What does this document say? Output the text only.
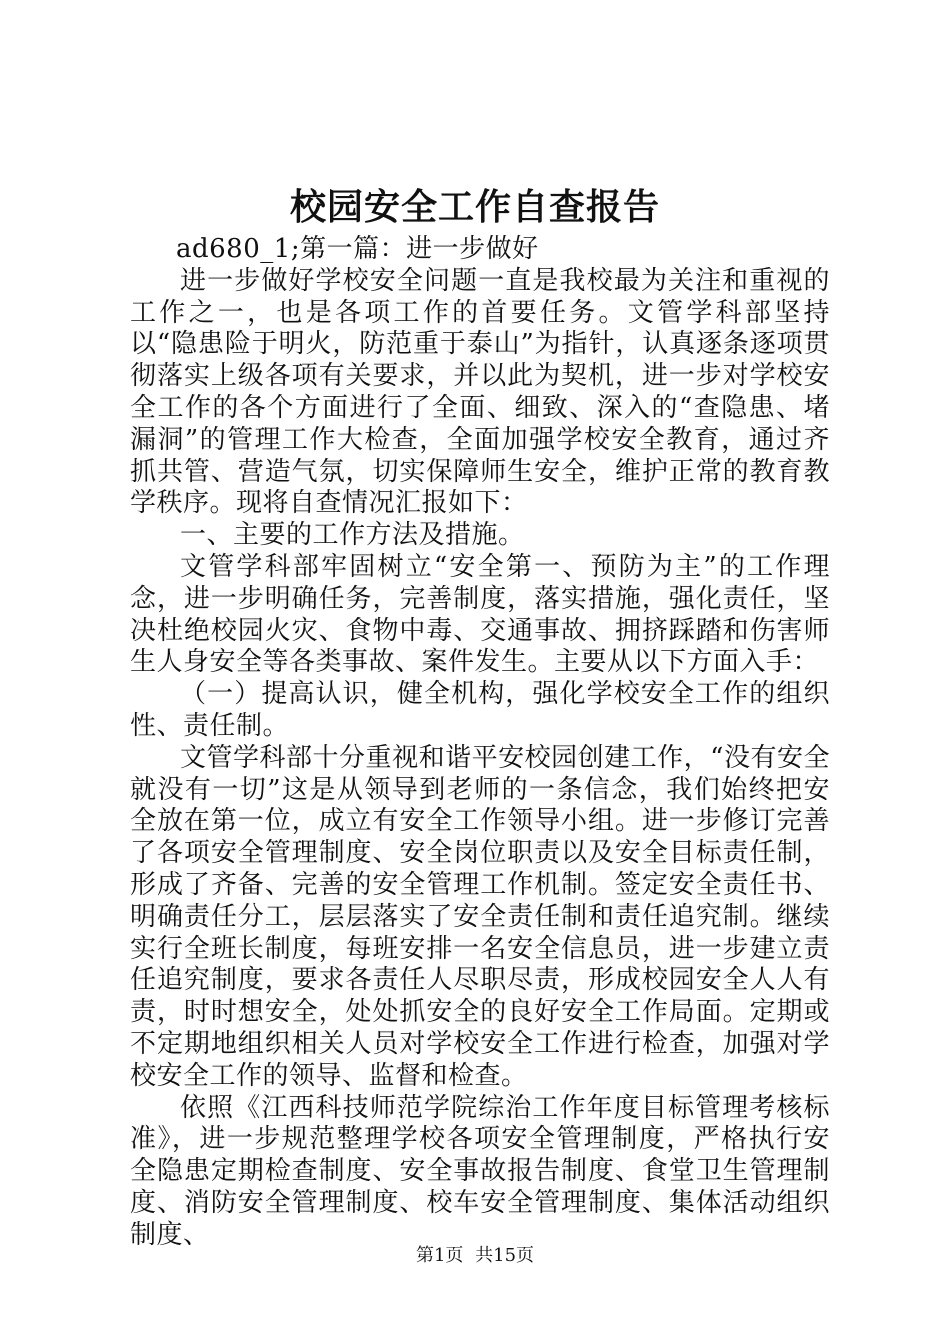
校园安全工作自查报告

ad680_1;第一篇：进一步做好

进一步做好学校安全问题一直是我校最为关注和重视的工作之一，也是各项工作的首要任务。文管学科部坚持以“隐患险于明火，防范重于泰山”为指针，认真逐条逐项贯彻落实上级各项有关要求，并以此为契机，进一步对学校安全工作的各个方面进行了全面、细致、深入的“查隐患、堵漏洞”的管理工作大检查，全面加强学校安全教育，通过齐抓共管、营造气氛，切实保障师生安全，维护正常的教育教学秩序。现将自查情况汇报如下：

一、主要的工作方法及措施。

文管学科部牢固树立“安全第一、预防为主”的工作理念，进一步明确任务，完善制度，落实措施，强化责任，坚决杜绝校园火灾、食物中毒、交通事故、拥挤踩踏和伤害师生人身安全等各类事故、案件发生。主要从以下方面入手：

（一）提高认识，健全机构，强化学校安全工作的组织性、责任制。

文管学科部十分重视和谐平安校园创建工作，“没有安全就没有一切”这是从领导到老师的一条信念，我们始终把安全放在第一位，成立有安全工作领导小组。进一步修订完善了各项安全管理制度、安全岗位职责以及安全目标责任制，形成了齐备、完善的安全管理工作机制。签定安全责任书、明确责任分工，层层落实了安全责任制和责任追究制。继续实行全班长制度，每班安排一名安全信息员，进一步建立责任追究制度，要求各责任人尽职尽责，形成校园安全人人有责，时时想安全，处处抓安全的良好安全工作局面。定期或不定期地组织相关人员对学校安全工作进行检查，加强对学校安全工作的领导、监督和检查。

依照《江西科技师范学院综治工作年度目标管理考核标准》，进一步规范整理学校各项安全管理制度，严格执行安全隐患定期检查制度、安全事故报告制度、食堂卫生管理制度、消防安全管理制度、校车安全管理制度、集体活动组织制度、

第1页 共15页
